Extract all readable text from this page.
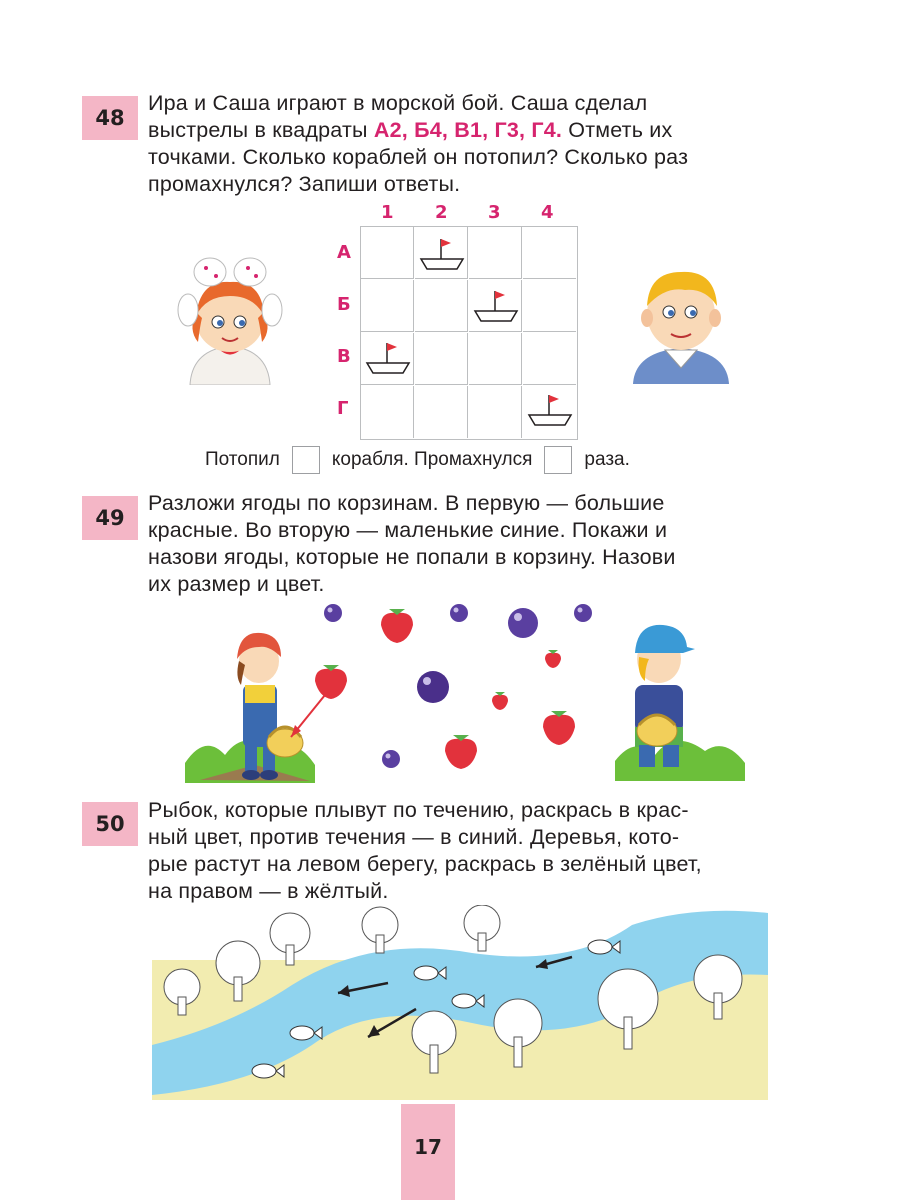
48
Ира и Саша играют в морской бой. Саша сделал
выстрелы в квадраты А2, Б4, В1, Г3, Г4. Отметь их
точками. Сколько кораблей он потопил? Сколько раз
промахнулся? Запиши ответы.
1 2 3 4
А
Б
В
Г
Потопил	корабля. Промахнулся	раза.
49
Разложи ягоды по корзинам. В первую — большие
красные. Во вторую — маленькие синие. Покажи и
назови ягоды, которые не попали в корзину. Назови
их размер и цвет.
50
Рыбок, которые плывут по течению, раскрась в крас-
ный цвет, против течения — в синий. Деревья, кото-
рые растут на левом берегу, раскрась в зелёный цвет,
на правом — в жёлтый.
17
